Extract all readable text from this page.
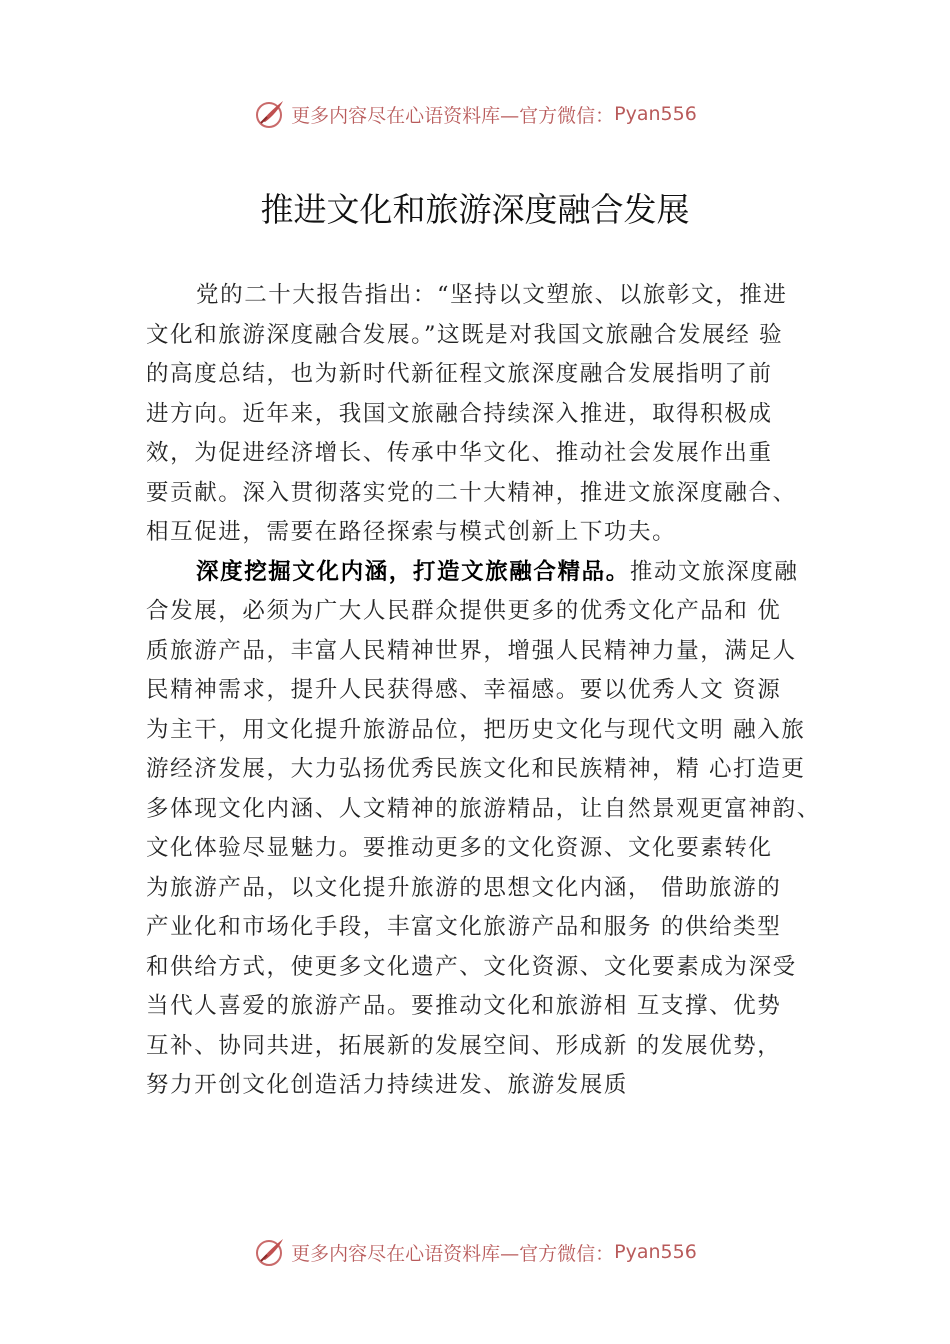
更多内容尽在心语资料库—官方微信： Pyan556
推进文化和旅游深度融合发展
党的二十大报告指出：“坚持以文塑旅、以旅彰文，推进
文化和旅游深度融合发展。”这既是对我国文旅融合发展经 验
的高度总结，也为新时代新征程文旅深度融合发展指明了前
进方向。近年来，我国文旅融合持续深入推进，取得积极成
效，为促进经济增长、传承中华文化、推动社会发展作出重
要贡献。深入贯彻落实党的二十大精神，推进文旅深度融合、
相互促进，需要在路径探索与模式创新上下功夫。
深度挖掘文化内涵，打造文旅融合精品。推动文旅深度融
合发展，必须为广大人民群众提供更多的优秀文化产品和 优
质旅游产品，丰富人民精神世界，增强人民精神力量，满足人
民精神需求，提升人民获得感、幸福感。要以优秀人文 资源
为主干，用文化提升旅游品位，把历史文化与现代文明 融入旅
游经济发展，大力弘扬优秀民族文化和民族精神，精 心打造更
多体现文化内涵、人文精神的旅游精品，让自然景观更富神韵、
文化体验尽显魅力。要推动更多的文化资源、文化要素转化
为旅游产品，以文化提升旅游的思想文化内涵， 借助旅游的
产业化和市场化手段，丰富文化旅游产品和服务 的供给类型
和供给方式，使更多文化遗产、文化资源、文化要素成为深受
当代人喜爱的旅游产品。要推动文化和旅游相 互支撑、优势
互补、协同共进，拓展新的发展空间、形成新 的发展优势，
努力开创文化创造活力持续进发、旅游发展质
更多内容尽在心语资料库—官方微信： Pyan556
